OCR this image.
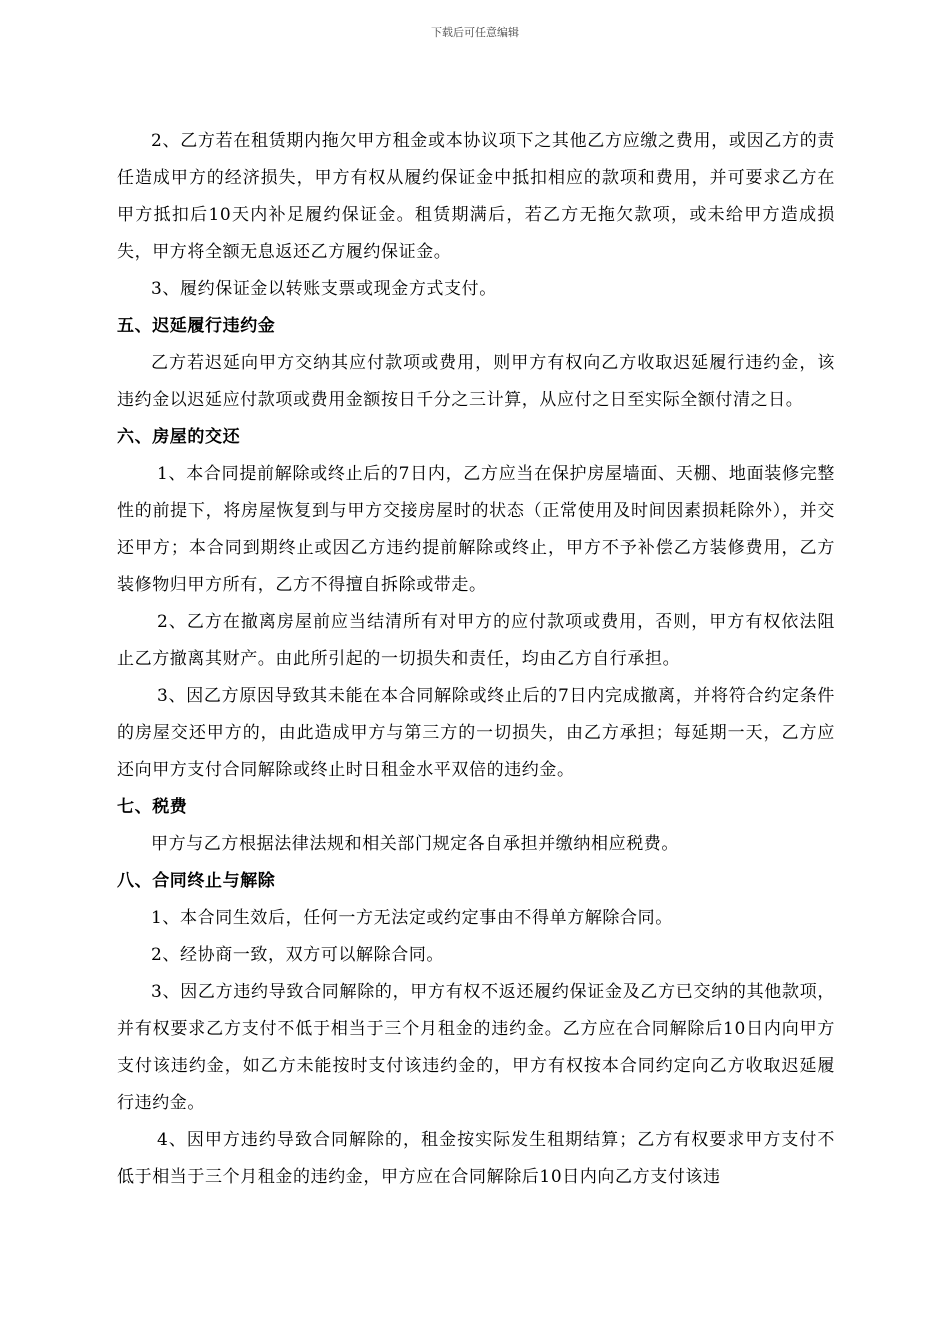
下载后可任意编辑

2、乙方若在租赁期内拖欠甲方租金或本协议项下之其他乙方应缴之费用，或因乙方的责任造成甲方的经济损失，甲方有权从履约保证金中抵扣相应的款项和费用，并可要求乙方在甲方抵扣后10天内补足履约保证金。租赁期满后，若乙方无拖欠款项，或未给甲方造成损失，甲方将全额无息返还乙方履约保证金。

3、履约保证金以转账支票或现金方式支付。

五、迟延履行违约金

乙方若迟延向甲方交纳其应付款项或费用，则甲方有权向乙方收取迟延履行违约金，该违约金以迟延应付款项或费用金额按日千分之三计算，从应付之日至实际全额付清之日。

六、房屋的交还

1、本合同提前解除或终止后的7日内，乙方应当在保护房屋墙面、天棚、地面装修完整性的前提下，将房屋恢复到与甲方交接房屋时的状态（正常使用及时间因素损耗除外），并交还甲方；本合同到期终止或因乙方违约提前解除或终止，甲方不予补偿乙方装修费用，乙方装修物归甲方所有，乙方不得擅自拆除或带走。

2、乙方在撤离房屋前应当结清所有对甲方的应付款项或费用，否则，甲方有权依法阻止乙方撤离其财产。由此所引起的一切损失和责任，均由乙方自行承担。

3、因乙方原因导致其未能在本合同解除或终止后的7日内完成撤离，并将符合约定条件的房屋交还甲方的，由此造成甲方与第三方的一切损失，由乙方承担；每延期一天，乙方应还向甲方支付合同解除或终止时日租金水平双倍的违约金。

七、税费

甲方与乙方根据法律法规和相关部门规定各自承担并缴纳相应税费。

八、合同终止与解除

1、本合同生效后，任何一方无法定或约定事由不得单方解除合同。

2、经协商一致，双方可以解除合同。

3、因乙方违约导致合同解除的，甲方有权不返还履约保证金及乙方已交纳的其他款项，并有权要求乙方支付不低于相当于三个月租金的违约金。乙方应在合同解除后10日内向甲方支付该违约金，如乙方未能按时支付该违约金的，甲方有权按本合同约定向乙方收取迟延履行违约金。

4、因甲方违约导致合同解除的，租金按实际发生租期结算；乙方有权要求甲方支付不低于相当于三个月租金的违约金，甲方应在合同解除后10日内向乙方支付该违
